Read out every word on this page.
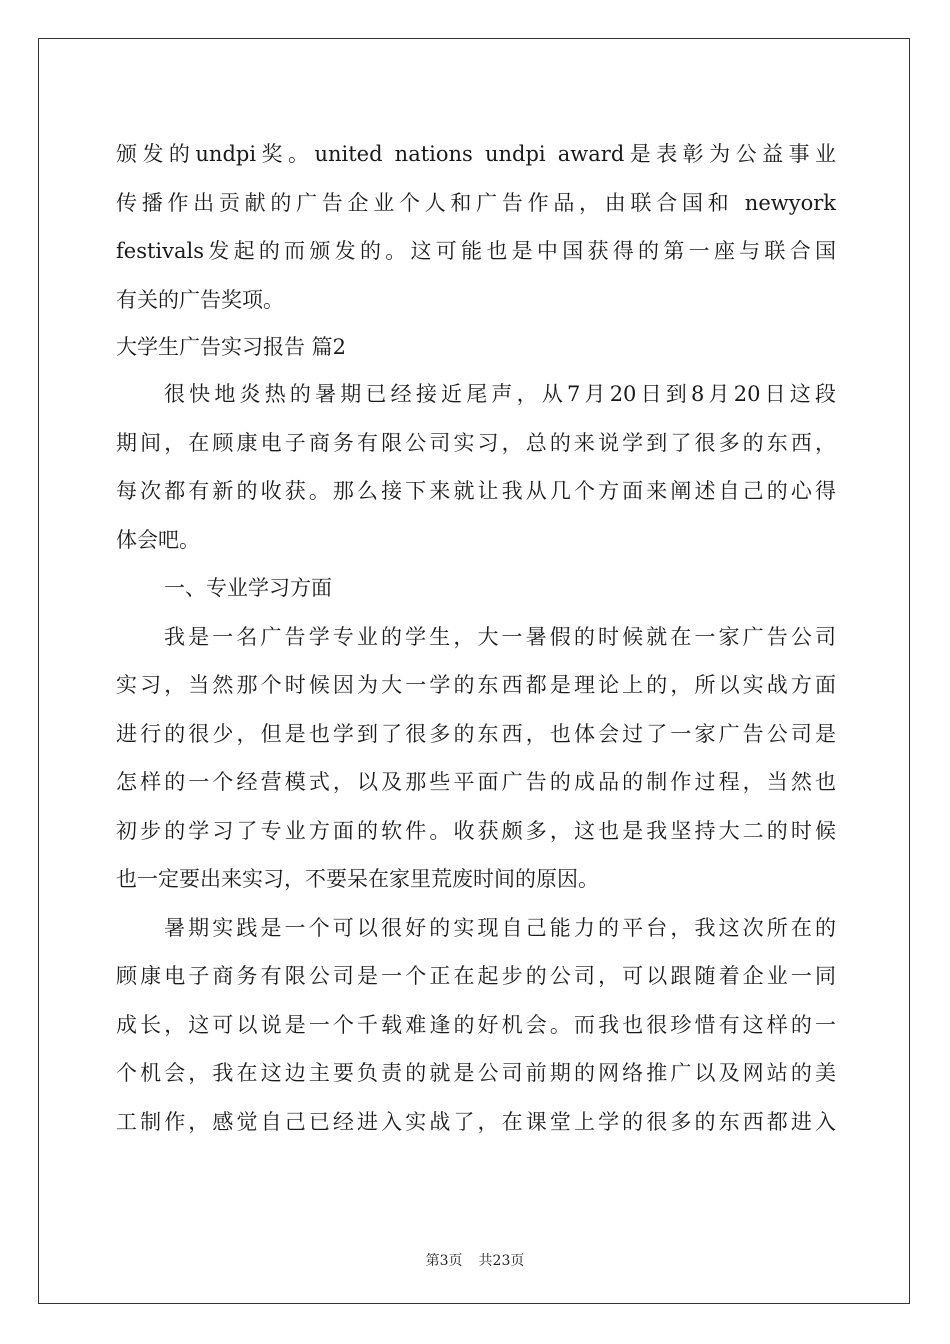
颁发的undpi奖。united nations undpi award是表彰为公益事业
传播作出贡献的广告企业个人和广告作品，由联合国和 newyork
festivals发起的而颁发的。这可能也是中国获得的第一座与联合国
有关的广告奖项。
大学生广告实习报告 篇2
很快地炎热的暑期已经接近尾声，从7月20日到8月20日这段
期间，在顾康电子商务有限公司实习，总的来说学到了很多的东西，
每次都有新的收获。那么接下来就让我从几个方面来阐述自己的心得
体会吧。
一、专业学习方面
我是一名广告学专业的学生，大一暑假的时候就在一家广告公司
实习，当然那个时候因为大一学的东西都是理论上的，所以实战方面
进行的很少，但是也学到了很多的东西，也体会过了一家广告公司是
怎样的一个经营模式，以及那些平面广告的成品的制作过程，当然也
初步的学习了专业方面的软件。收获颇多，这也是我坚持大二的时候
也一定要出来实习，不要呆在家里荒废时间的原因。
暑期实践是一个可以很好的实现自己能力的平台，我这次所在的
顾康电子商务有限公司是一个正在起步的公司，可以跟随着企业一同
成长，这可以说是一个千载难逢的好机会。而我也很珍惜有这样的一
个机会，我在这边主要负责的就是公司前期的网络推广以及网站的美
工制作，感觉自己已经进入实战了，在课堂上学的很多的东西都进入
第3页 共23页
